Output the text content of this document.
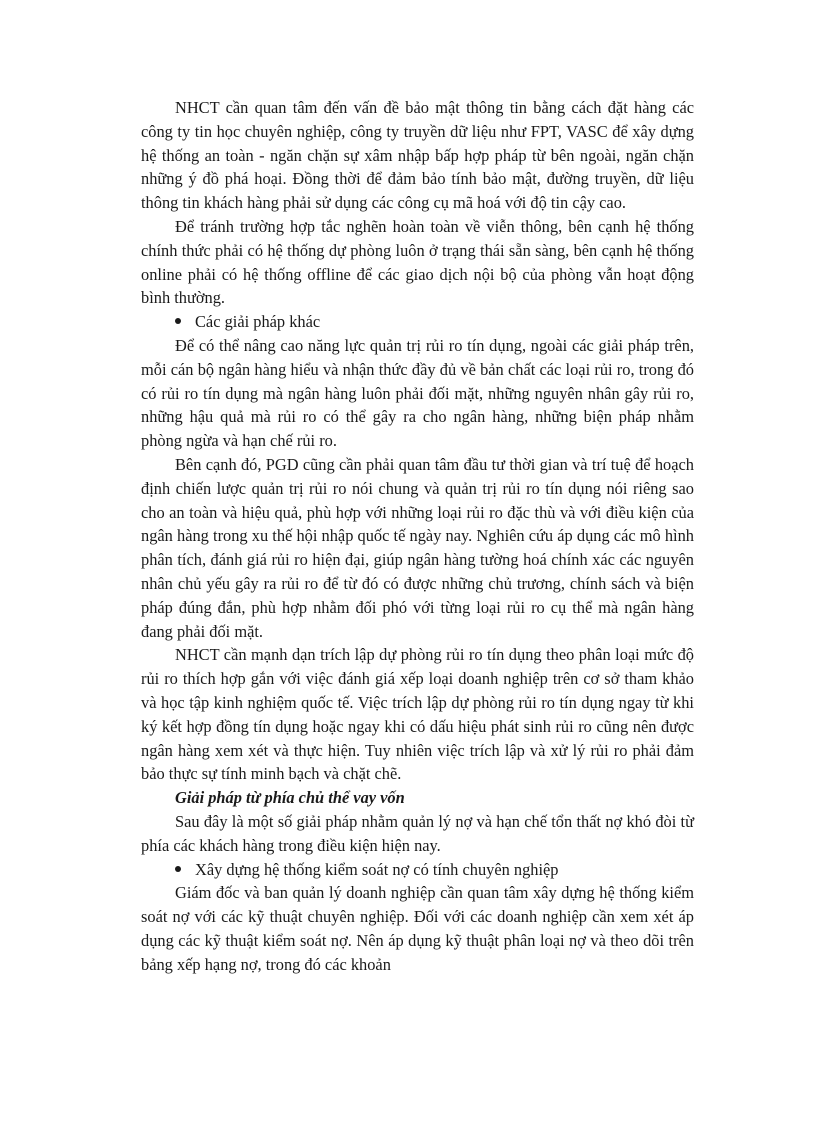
NHCT cần quan tâm đến vấn đề bảo mật thông tin bằng cách đặt hàng các công ty tin học chuyên nghiệp, công ty truyền dữ liệu như FPT, VASC để xây dựng hệ thống an toàn - ngăn chặn sự xâm nhập bấp hợp pháp từ bên ngoài, ngăn chặn những ý đồ phá hoại. Đồng thời để đảm bảo tính bảo mật, đường truyền, dữ liệu thông tin khách hàng phải sử dụng các công cụ mã hoá với độ tin cậy cao.

Để tránh trường hợp tắc nghẽn hoàn toàn về viễn thông, bên cạnh hệ thống chính thức phải có hệ thống dự phòng luôn ở trạng thái sẵn sàng, bên cạnh hệ thống online phải có hệ thống offline để các giao dịch nội bộ của phòng vẫn hoạt động bình thường.

Các giải pháp khác

Để có thể nâng cao năng lực quản trị rủi ro tín dụng, ngoài các giải pháp trên, mỗi cán bộ ngân hàng hiểu và nhận thức đầy đủ về bản chất các loại rủi ro, trong đó có rủi ro tín dụng mà ngân hàng luôn phải đối mặt, những nguyên nhân gây rủi ro, những hậu quả mà rủi ro có thể gây ra cho ngân hàng, những biện pháp nhằm phòng ngừa và hạn chế rủi ro.

Bên cạnh đó, PGD cũng cần phải quan tâm đầu tư thời gian và trí tuệ để hoạch định chiến lược quản trị rủi ro nói chung và quản trị rủi ro tín dụng nói riêng sao cho an toàn và hiệu quả, phù hợp với những loại rủi ro đặc thù và với điều kiện của ngân hàng trong xu thế hội nhập quốc tế ngày nay. Nghiên cứu áp dụng các mô hình phân tích, đánh giá rủi ro hiện đại, giúp ngân hàng tường hoá chính xác các nguyên nhân chủ yếu gây ra rủi ro để từ đó có được những chủ trương, chính sách và biện pháp đúng đắn, phù hợp nhằm đối phó với từng loại rủi ro cụ thể mà ngân hàng đang phải đối mặt.

NHCT cần mạnh dạn trích lập dự phòng rủi ro tín dụng theo phân loại mức độ rủi ro thích hợp gắn với việc đánh giá xếp loại doanh nghiệp trên cơ sở tham khảo và học tập kinh nghiệm quốc tế. Việc trích lập dự phòng rủi ro tín dụng ngay từ khi ký kết hợp đồng tín dụng hoặc ngay khi có dấu hiệu phát sinh rủi ro cũng nên được ngân hàng xem xét và thực hiện. Tuy nhiên việc trích lập và xử lý rủi ro phải đảm bảo thực sự tính minh bạch và chặt chẽ.

Giải pháp từ phía chủ thể vay vốn

Sau đây là một số giải pháp nhằm quản lý nợ và hạn chế tổn thất nợ khó đòi từ phía các khách hàng trong điều kiện hiện nay.

Xây dựng hệ thống kiểm soát nợ có tính chuyên nghiệp

Giám đốc và ban quản lý doanh nghiệp cần quan tâm xây dựng hệ thống kiểm soát nợ với các kỹ thuật chuyên nghiệp. Đối với các doanh nghiệp cần xem xét áp dụng các kỹ thuật kiểm soát nợ. Nên áp dụng kỹ thuật phân loại nợ và theo dõi trên bảng xếp hạng nợ, trong đó các khoản
